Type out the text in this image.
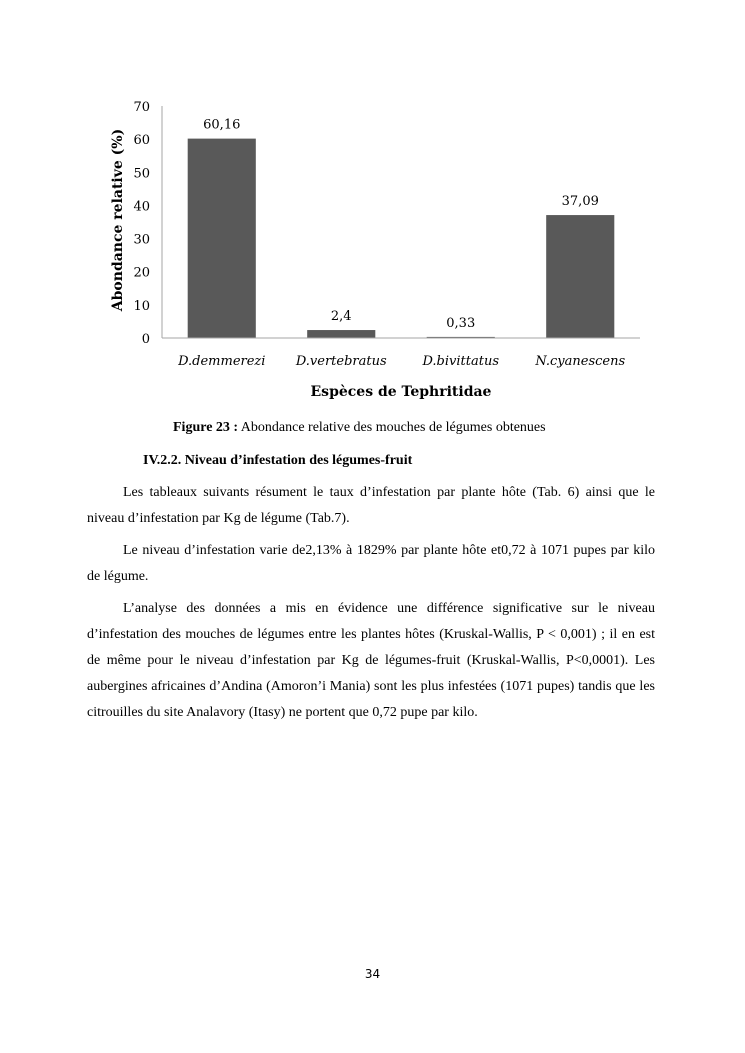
Abondance relative (%)
0
10
20
30
40
50
60
70
60,16
2,4	0,33
37,09
D.demmerezi D.vertebratus	D.bivittatus	N.cyanescens
Espèces de Tephritidae
Figure 23 : Abondance relative des mouches de légumes obtenues
IV.2.2. Niveau d’infestation des légumes-fruit

Les tableaux suivants résument le taux d’infestation par plante hôte (Tab. 6) ainsi que le niveau d’infestation par Kg de légume (Tab.7).

Le niveau d’infestation varie de2,13% à 1829% par plante hôte et0,72 à 1071 pupes par kilo de légume.

L’analyse des données a mis en évidence une différence significative sur le niveau d’infestation des mouches de légumes entre les plantes hôtes (Kruskal-Wallis, P < 0,001) ; il en est de même pour le niveau d’infestation par Kg de légumes-fruit (Kruskal-Wallis, P<0,0001). Les aubergines africaines d’Andina (Amoron’i Mania) sont les plus infestées (1071 pupes) tandis que les citrouilles du site Analavory (Itasy) ne portent que 0,72 pupe par kilo.

34
